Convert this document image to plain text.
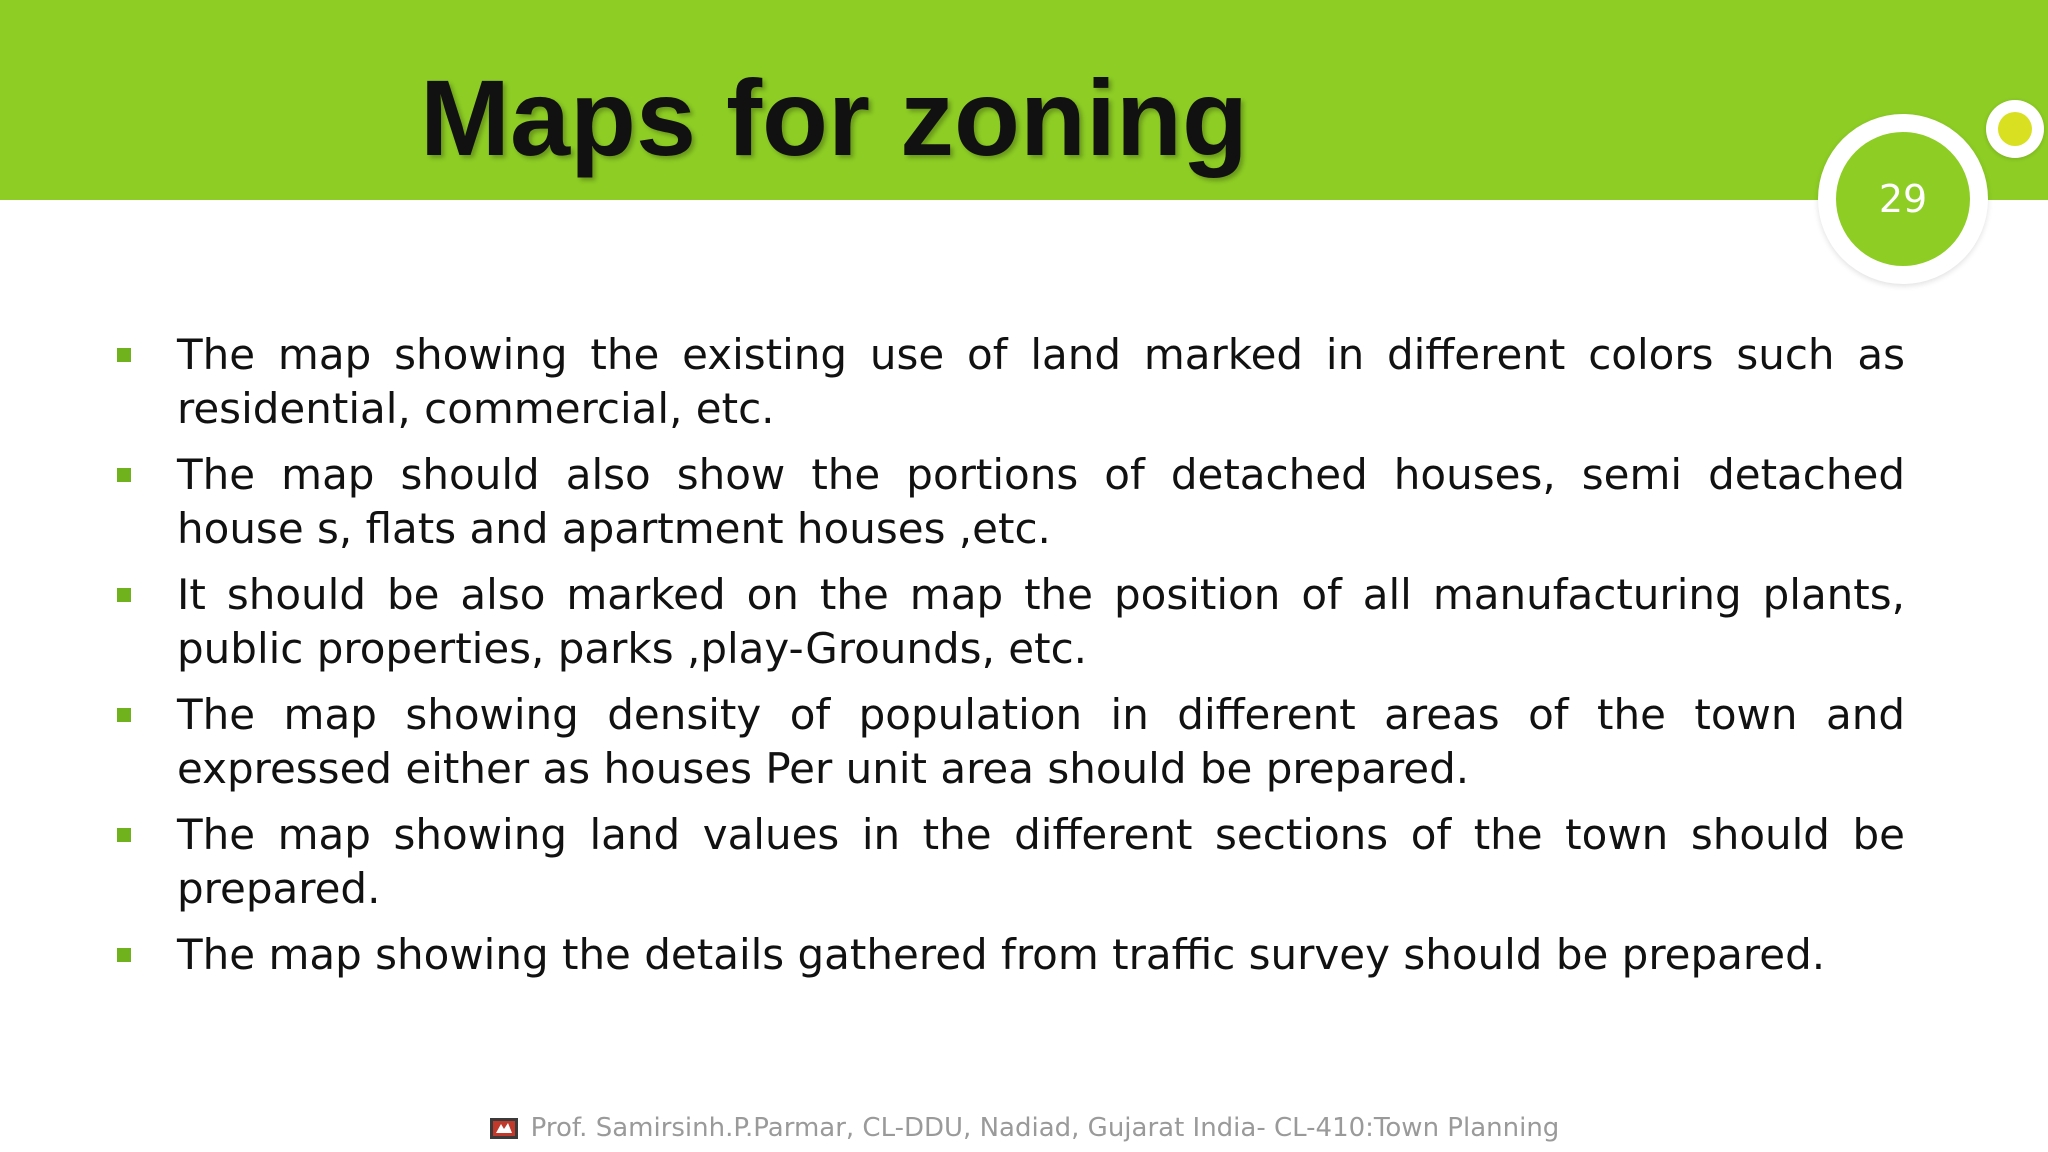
Maps for zoning
29
The map showing the existing use of land marked in different colors such as residential, commercial, etc.
The map should also show the portions of detached houses, semi detached house s, flats and apartment houses ,etc.
It should be also marked on the map the position of all manufacturing plants, public properties, parks ,play-Grounds, etc.
The map showing density of population in different areas of the town and expressed either as houses Per unit area should be prepared.
The map showing land values in the different sections of the town should be prepared.
The map showing the details gathered from traffic survey should be prepared.
Prof. Samirsinh.P.Parmar, CL-DDU, Nadiad, Gujarat India- CL-410:Town Planning
